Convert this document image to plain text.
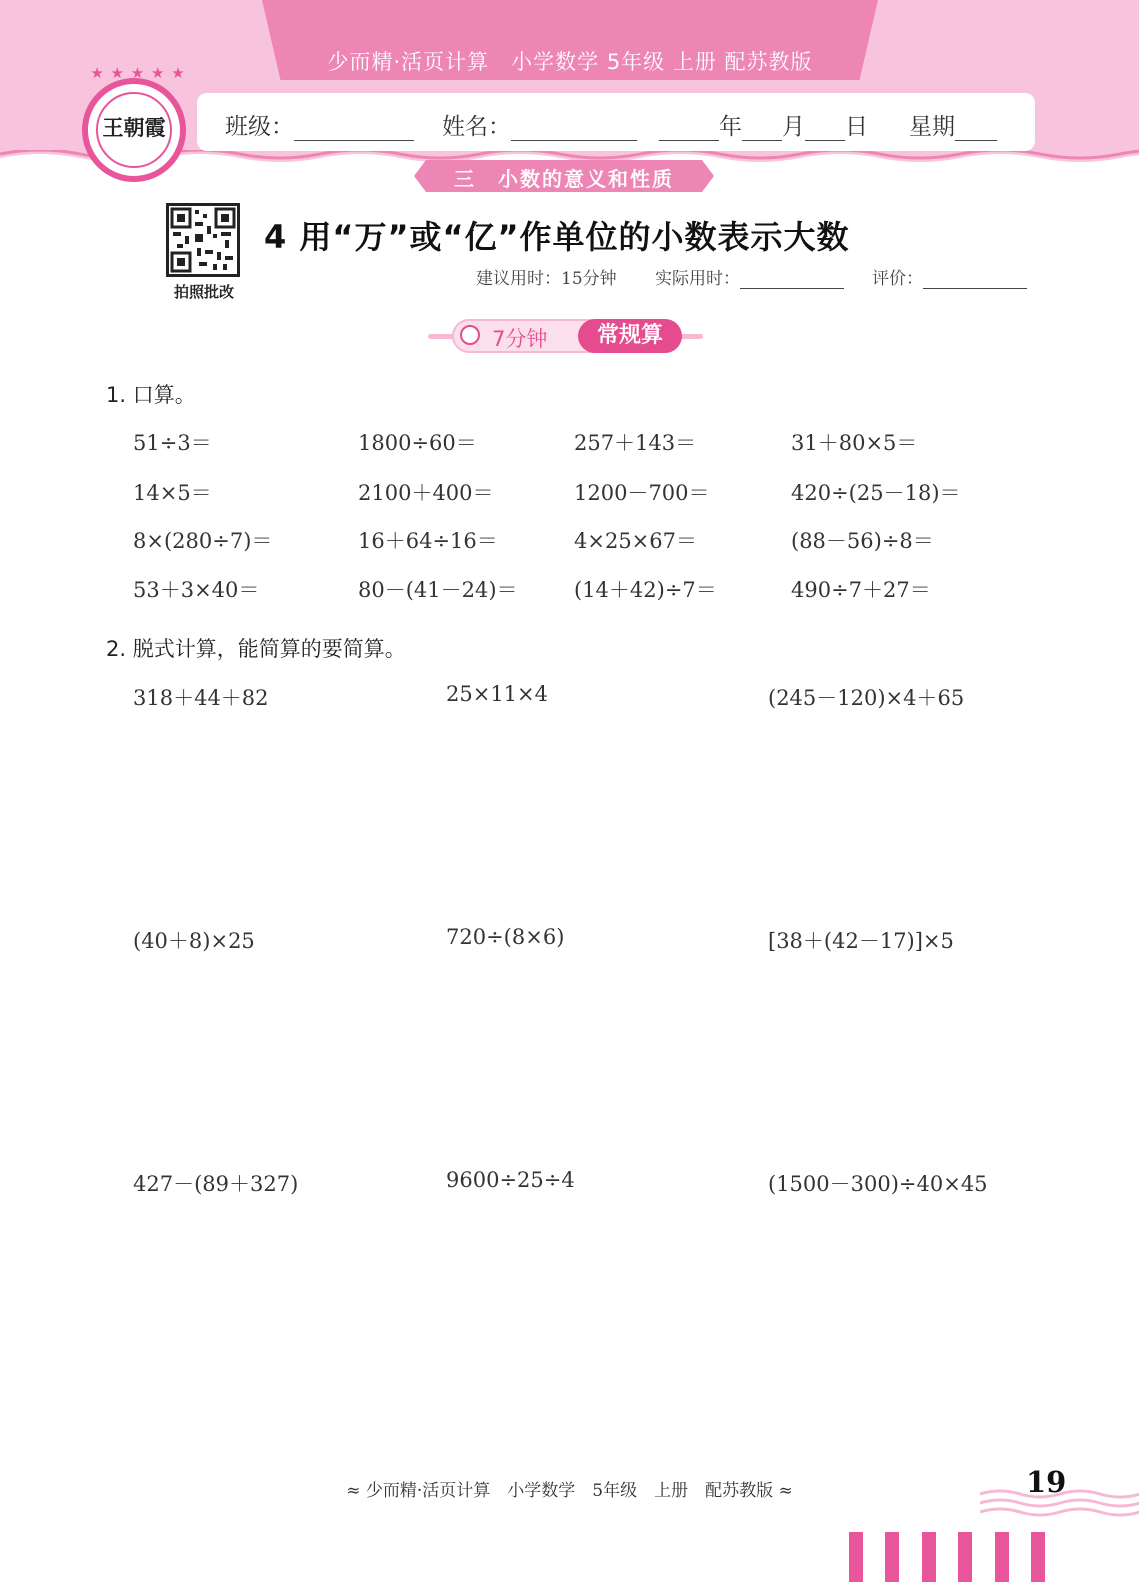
少而精·活页计算　小学数学 5年级 上册 配苏教版
王朝霞
★ ★ ★ ★ ★
班级：	姓名：	年 月 日 星期
三　小数的意义和性质
拍照批改
4 用“万”或“亿”作单位的小数表示大数
建议用时：15分钟 实际用时：	评价：
7分钟	常规算
1. 口算。
51÷3＝	1800÷60＝	257＋143＝	31＋80×5＝
14×5＝	2100＋400＝	1200－700＝	420÷(25－18)＝
8×(280÷7)＝	16＋64÷16＝	4×25×67＝	(88－56)÷8＝
53＋3×40＝	80－(41－24)＝	(14＋42)÷7＝	490÷7＋27＝
2. 脱式计算，能简算的要简算。
318＋44＋82	25×11×4	(245－120)×4＋65
(40＋8)×25	720÷(8×6)	[38＋(42－17)]×5
427－(89＋327)	9600÷25÷4	(1500－300)÷40×45
≈ 少而精·活页计算　小学数学　5年级　上册　配苏教版 ≈	19
